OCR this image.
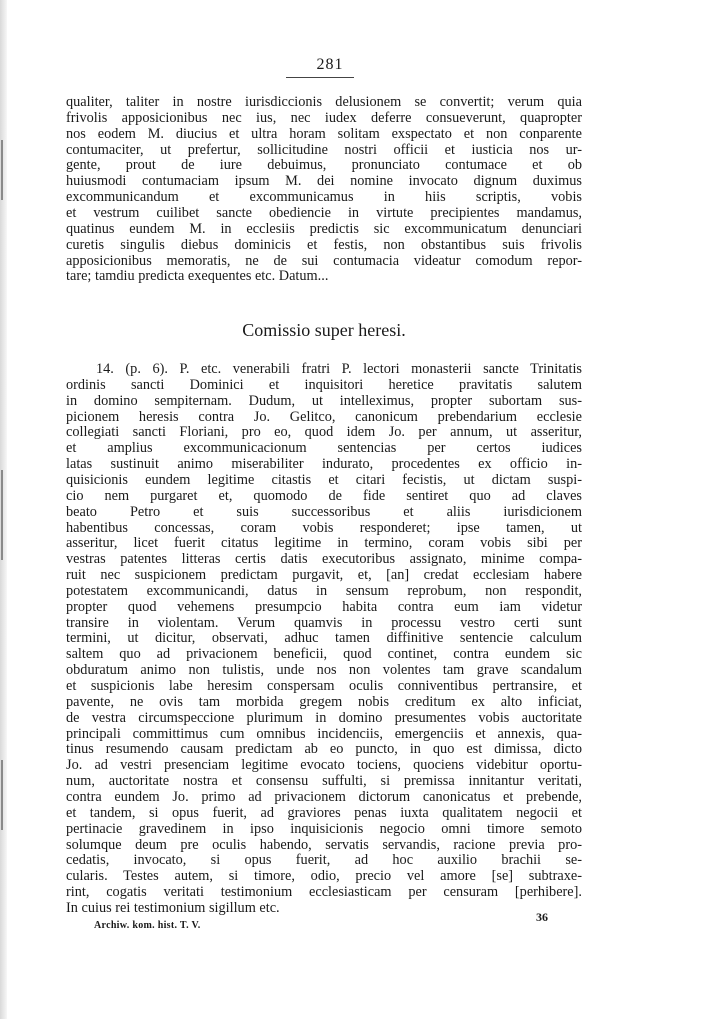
281
qualiter, taliter in nostre iurisdiccionis delusionem se convertit; verum quia
frivolis apposicionibus nec ius, nec iudex deferre consueverunt, quapropter
nos eodem M. diucius et ultra horam solitam exspectato et non conparente
contumaciter, ut prefertur, sollicitudine nostri officii et iusticia nos ur-
gente, prout de iure debuimus, pronunciato contumace et ob
huiusmodi contumaciam ipsum M. dei nomine invocato dignum duximus
excommunicandum et excommunicamus in hiis scriptis, vobis
et vestrum cuilibet sancte obediencie in virtute precipientes mandamus,
quatinus eundem M. in ecclesiis predictis sic excommunicatum denunciari
curetis singulis diebus dominicis et festis, non obstantibus suis frivolis
apposicionibus memoratis, ne de sui contumacia videatur comodum repor-
tare; tamdiu predicta exequentes etc. Datum...
Comissio super heresi.
14. (p. 6). P. etc. venerabili fratri P. lectori monasterii sancte Trinitatis
ordinis sancti Dominici et inquisitori heretice pravitatis salutem
in domino sempiternam. Dudum, ut intelleximus, propter subortam sus-
picionem heresis contra Jo. Gelitco, canonicum prebendarium ecclesie
collegiati sancti Floriani, pro eo, quod idem Jo. per annum, ut asseritur,
et amplius excommunicacionum sentencias per certos iudices
latas sustinuit animo miserabiliter indurato, procedentes ex officio in-
quisicionis eundem legitime citastis et citari fecistis, ut dictam suspi-
cio nem purgaret et, quomodo de fide sentiret quo ad claves
beato Petro et suis successoribus et aliis iurisdicionem
habentibus concessas, coram vobis responderet; ipse tamen, ut
asseritur, licet fuerit citatus legitime in termino, coram vobis sibi per
vestras patentes litteras certis datis executoribus assignato, minime compa-
ruit nec suspicionem predictam purgavit, et, [an] credat ecclesiam habere
potestatem excommunicandi, datus in sensum reprobum, non respondit,
propter quod vehemens presumpcio habita contra eum iam videtur
transire in violentam. Verum quamvis in processu vestro certi sunt
termini, ut dicitur, observati, adhuc tamen diffinitive sentencie calculum
saltem quo ad privacionem beneficii, quod continet, contra eundem sic
obduratum animo non tulistis, unde nos non volentes tam grave scandalum
et suspicionis labe heresim conspersam oculis conniventibus pertransire, et
pavente, ne ovis tam morbida gregem nobis creditum ex alto inficiat,
de vestra circumspeccione plurimum in domino presumentes vobis auctoritate
principali committimus cum omnibus incidenciis, emergenciis et annexis, qua-
tinus resumendo causam predictam ab eo puncto, in quo est dimissa, dicto
Jo. ad vestri presenciam legitime evocato tociens, quociens videbitur oportu-
num, auctoritate nostra et consensu suffulti, si premissa innitantur veritati,
contra eundem Jo. primo ad privacionem dictorum canonicatus et prebende,
et tandem, si opus fuerit, ad graviores penas iuxta qualitatem negocii et
pertinacie gravedinem in ipso inquisicionis negocio omni timore semoto
solumque deum pre oculis habendo, servatis servandis, racione previa pro-
cedatis, invocato, si opus fuerit, ad hoc auxilio brachii se-
cularis. Testes autem, si timore, odio, precio vel amore [se] subtraxe-
rint, cogatis veritati testimonium ecclesiasticam per censuram [perhibere].
In cuius rei testimonium sigillum etc.
Archiw. kom. hist. T. V.
36
